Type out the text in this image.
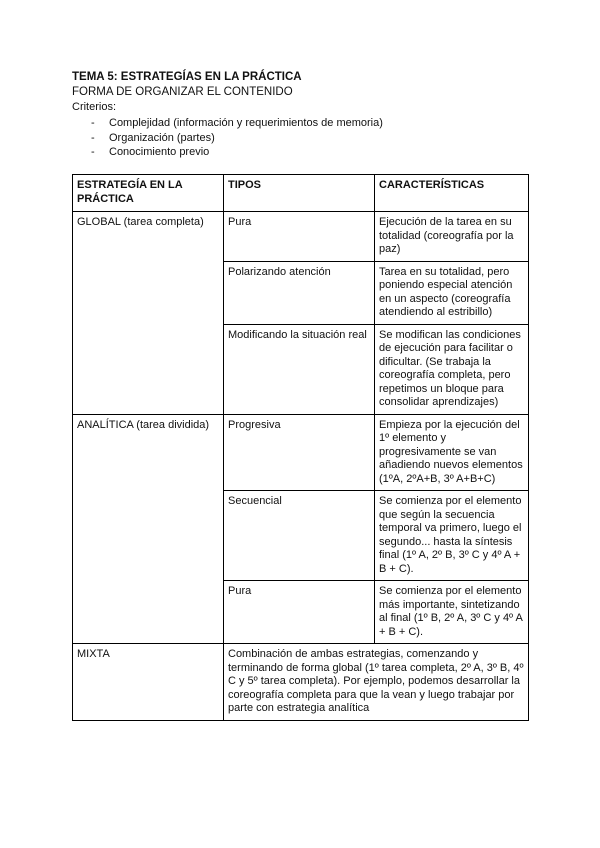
TEMA 5: ESTRATEGÍAS EN LA PRÁCTICA

FORMA DE ORGANIZAR EL CONTENIDO

Criterios:

- Complejidad (información y requerimientos de memoria)
- Organización (partes)
- Conocimiento previo
ESTRATEGÍA EN LA PRÁCTICA	TIPOS	CARACTERÍSTICAS
GLOBAL (tarea completa)	Pura	Ejecución de la tarea en su totalidad (coreografía por la paz)
	Polarizando atención	Tarea en su totalidad, pero poniendo especial atención en un aspecto (coreografía atendiendo al estribillo)
	Modificando la situación real	Se modifican las condiciones de ejecución para facilitar o dificultar. (Se trabaja la coreografía completa, pero repetimos un bloque para consolidar aprendizajes)
ANALÍTICA (tarea dividida)	Progresiva	Empieza por la ejecución del 1º elemento y progresivamente se van añadiendo nuevos elementos (1ºA, 2ºA+B, 3º A+B+C)
	Secuencial	Se comienza por el elemento que según la secuencia temporal va primero, luego el segundo... hasta la síntesis final (1º A, 2º B, 3º C y 4º A + B + C).
	Pura	Se comienza por el elemento más importante, sintetizando al final (1º B, 2º A, 3º C y 4º A + B + C).
MIXTA	Combinación de ambas estrategias, comenzando y terminando de forma global (1º tarea completa, 2º A, 3º B, 4º C y 5º tarea completa). Por ejemplo, podemos desarrollar la coreografía completa para que la vean y luego trabajar por parte con estrategia analítica	
